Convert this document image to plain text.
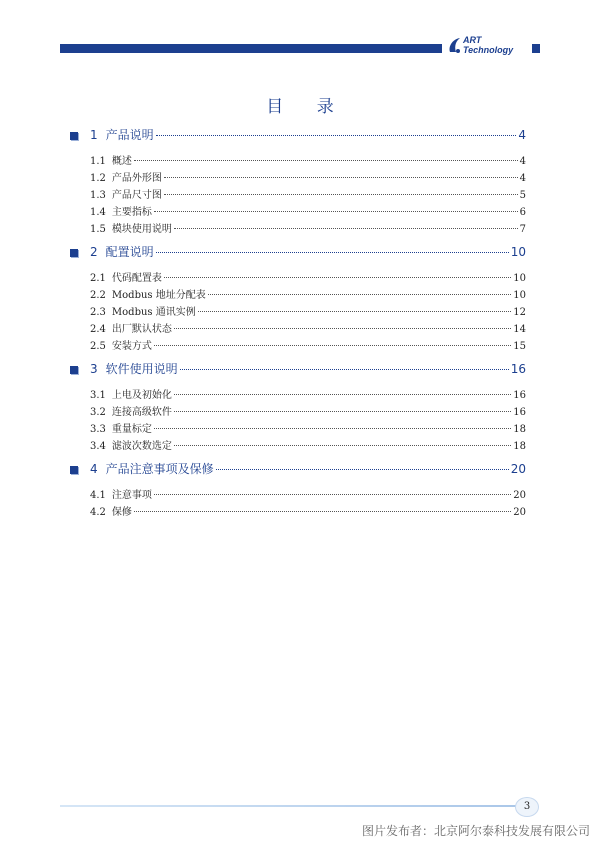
ART
Technology
目 录
1 产品说明	4
1.1 概述	4
1.2 产品外形图	4
1.3 产品尺寸图	5
1.4 主要指标	6
1.5 模块使用说明	7
2 配置说明	10
2.1 代码配置表	10
2.2 Modbus 地址分配表	10
2.3 Modbus 通讯实例	12
2.4 出厂默认状态	14
2.5 安装方式	15
3 软件使用说明	16
3.1 上电及初始化	16
3.2 连接高级软件	16
3.3 重量标定	18
3.4 滤波次数选定	18
4 产品注意事项及保修	20
4.1 注意事项	20
4.2 保修	20
3
图片发布者：北京阿尔泰科技发展有限公司
